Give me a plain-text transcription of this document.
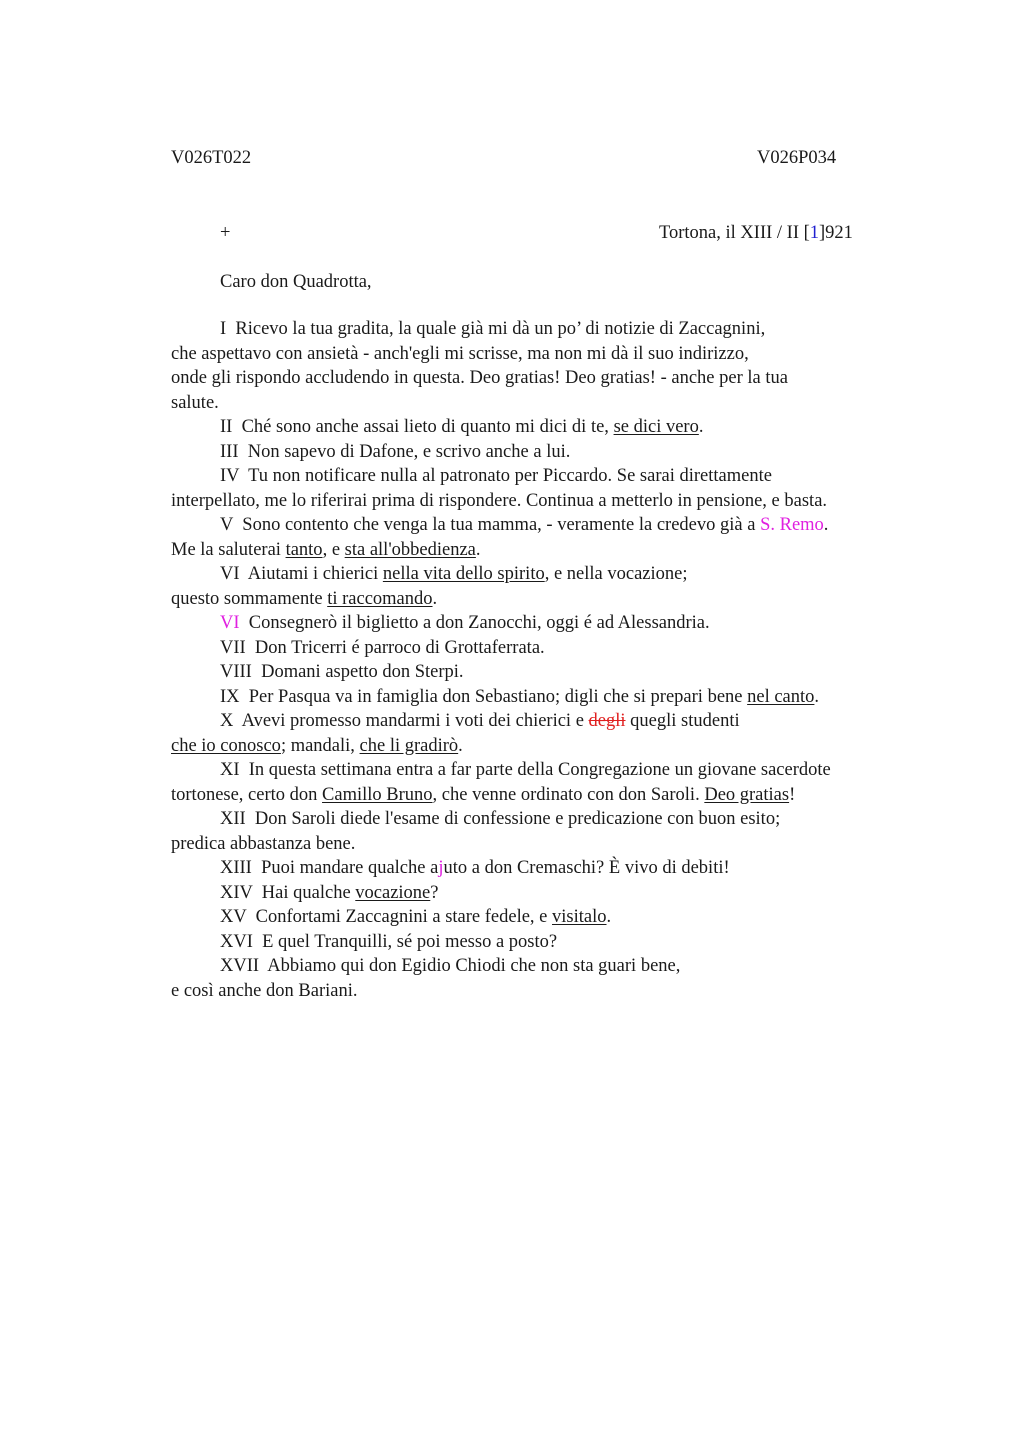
V026T022	V026P034
+	Tortona, il XIII / II [1]921
Caro don Quadrotta,
I  Ricevo la tua gradita, la quale già mi dà un po’ di notizie di Zaccagnini,
che aspettavo con ansietà - anch'egli mi scrisse, ma non mi dà il suo indirizzo,
onde gli rispondo accludendo in questa. Deo gratias! Deo gratias! - anche per la tua
salute.
II  Ché sono anche assai lieto di quanto mi dici di te, se dici vero.
III  Non sapevo di Dafone, e scrivo anche a lui.
IV  Tu non notificare nulla al patronato per Piccardo. Se sarai direttamente
interpellato, me lo riferirai prima di rispondere. Continua a metterlo in pensione, e basta.
V  Sono contento che venga la tua mamma, - veramente la credevo già a S. Remo.
Me la saluterai tanto, e sta all'obbedienza.
VI  Aiutami i chierici nella vita dello spirito, e nella vocazione;
questo sommamente ti raccomando.
VI  Consegnerò il biglietto a don Zanocchi, oggi é ad Alessandria.
VII  Don Tricerri é parroco di Grottaferrata.
VIII  Domani aspetto don Sterpi.
IX  Per Pasqua va in famiglia don Sebastiano; digli che si prepari bene nel canto.
X  Avevi promesso mandarmi i voti dei chierici e degli quegli studenti
che io conosco; mandali, che li gradirò.
XI  In questa settimana entra a far parte della Congregazione un giovane sacerdote
tortonese, certo don Camillo Bruno, che venne ordinato con don Saroli. Deo gratias!
XII  Don Saroli diede l'esame di confessione e predicazione con buon esito;
predica abbastanza bene.
XIII  Puoi mandare qualche ajuto a don Cremaschi? È vivo di debiti!
XIV  Hai qualche vocazione?
XV  Confortami Zaccagnini a stare fedele, e visitalo.
XVI  E quel Tranquilli, sé poi messo a posto?
XVII  Abbiamo qui don Egidio Chiodi che non sta guari bene,
e così anche don Bariani.
